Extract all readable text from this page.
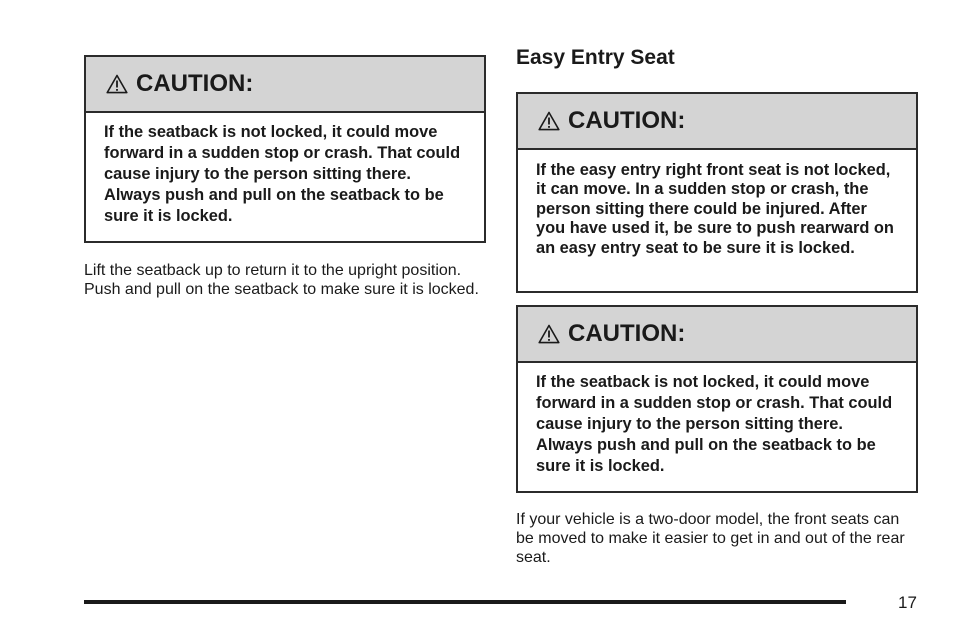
CAUTION:
If the seatback is not locked, it could move forward in a sudden stop or crash. That could cause injury to the person sitting there. Always push and pull on the seatback to be sure it is locked.
Lift the seatback up to return it to the upright position. Push and pull on the seatback to make sure it is locked.
Easy Entry Seat
CAUTION:
If the easy entry right front seat is not locked, it can move. In a sudden stop or crash, the person sitting there could be injured. After you have used it, be sure to push rearward on an easy entry seat to be sure it is locked.
CAUTION:
If the seatback is not locked, it could move forward in a sudden stop or crash. That could cause injury to the person sitting there. Always push and pull on the seatback to be sure it is locked.
If your vehicle is a two-door model, the front seats can be moved to make it easier to get in and out of the rear seat.
17
